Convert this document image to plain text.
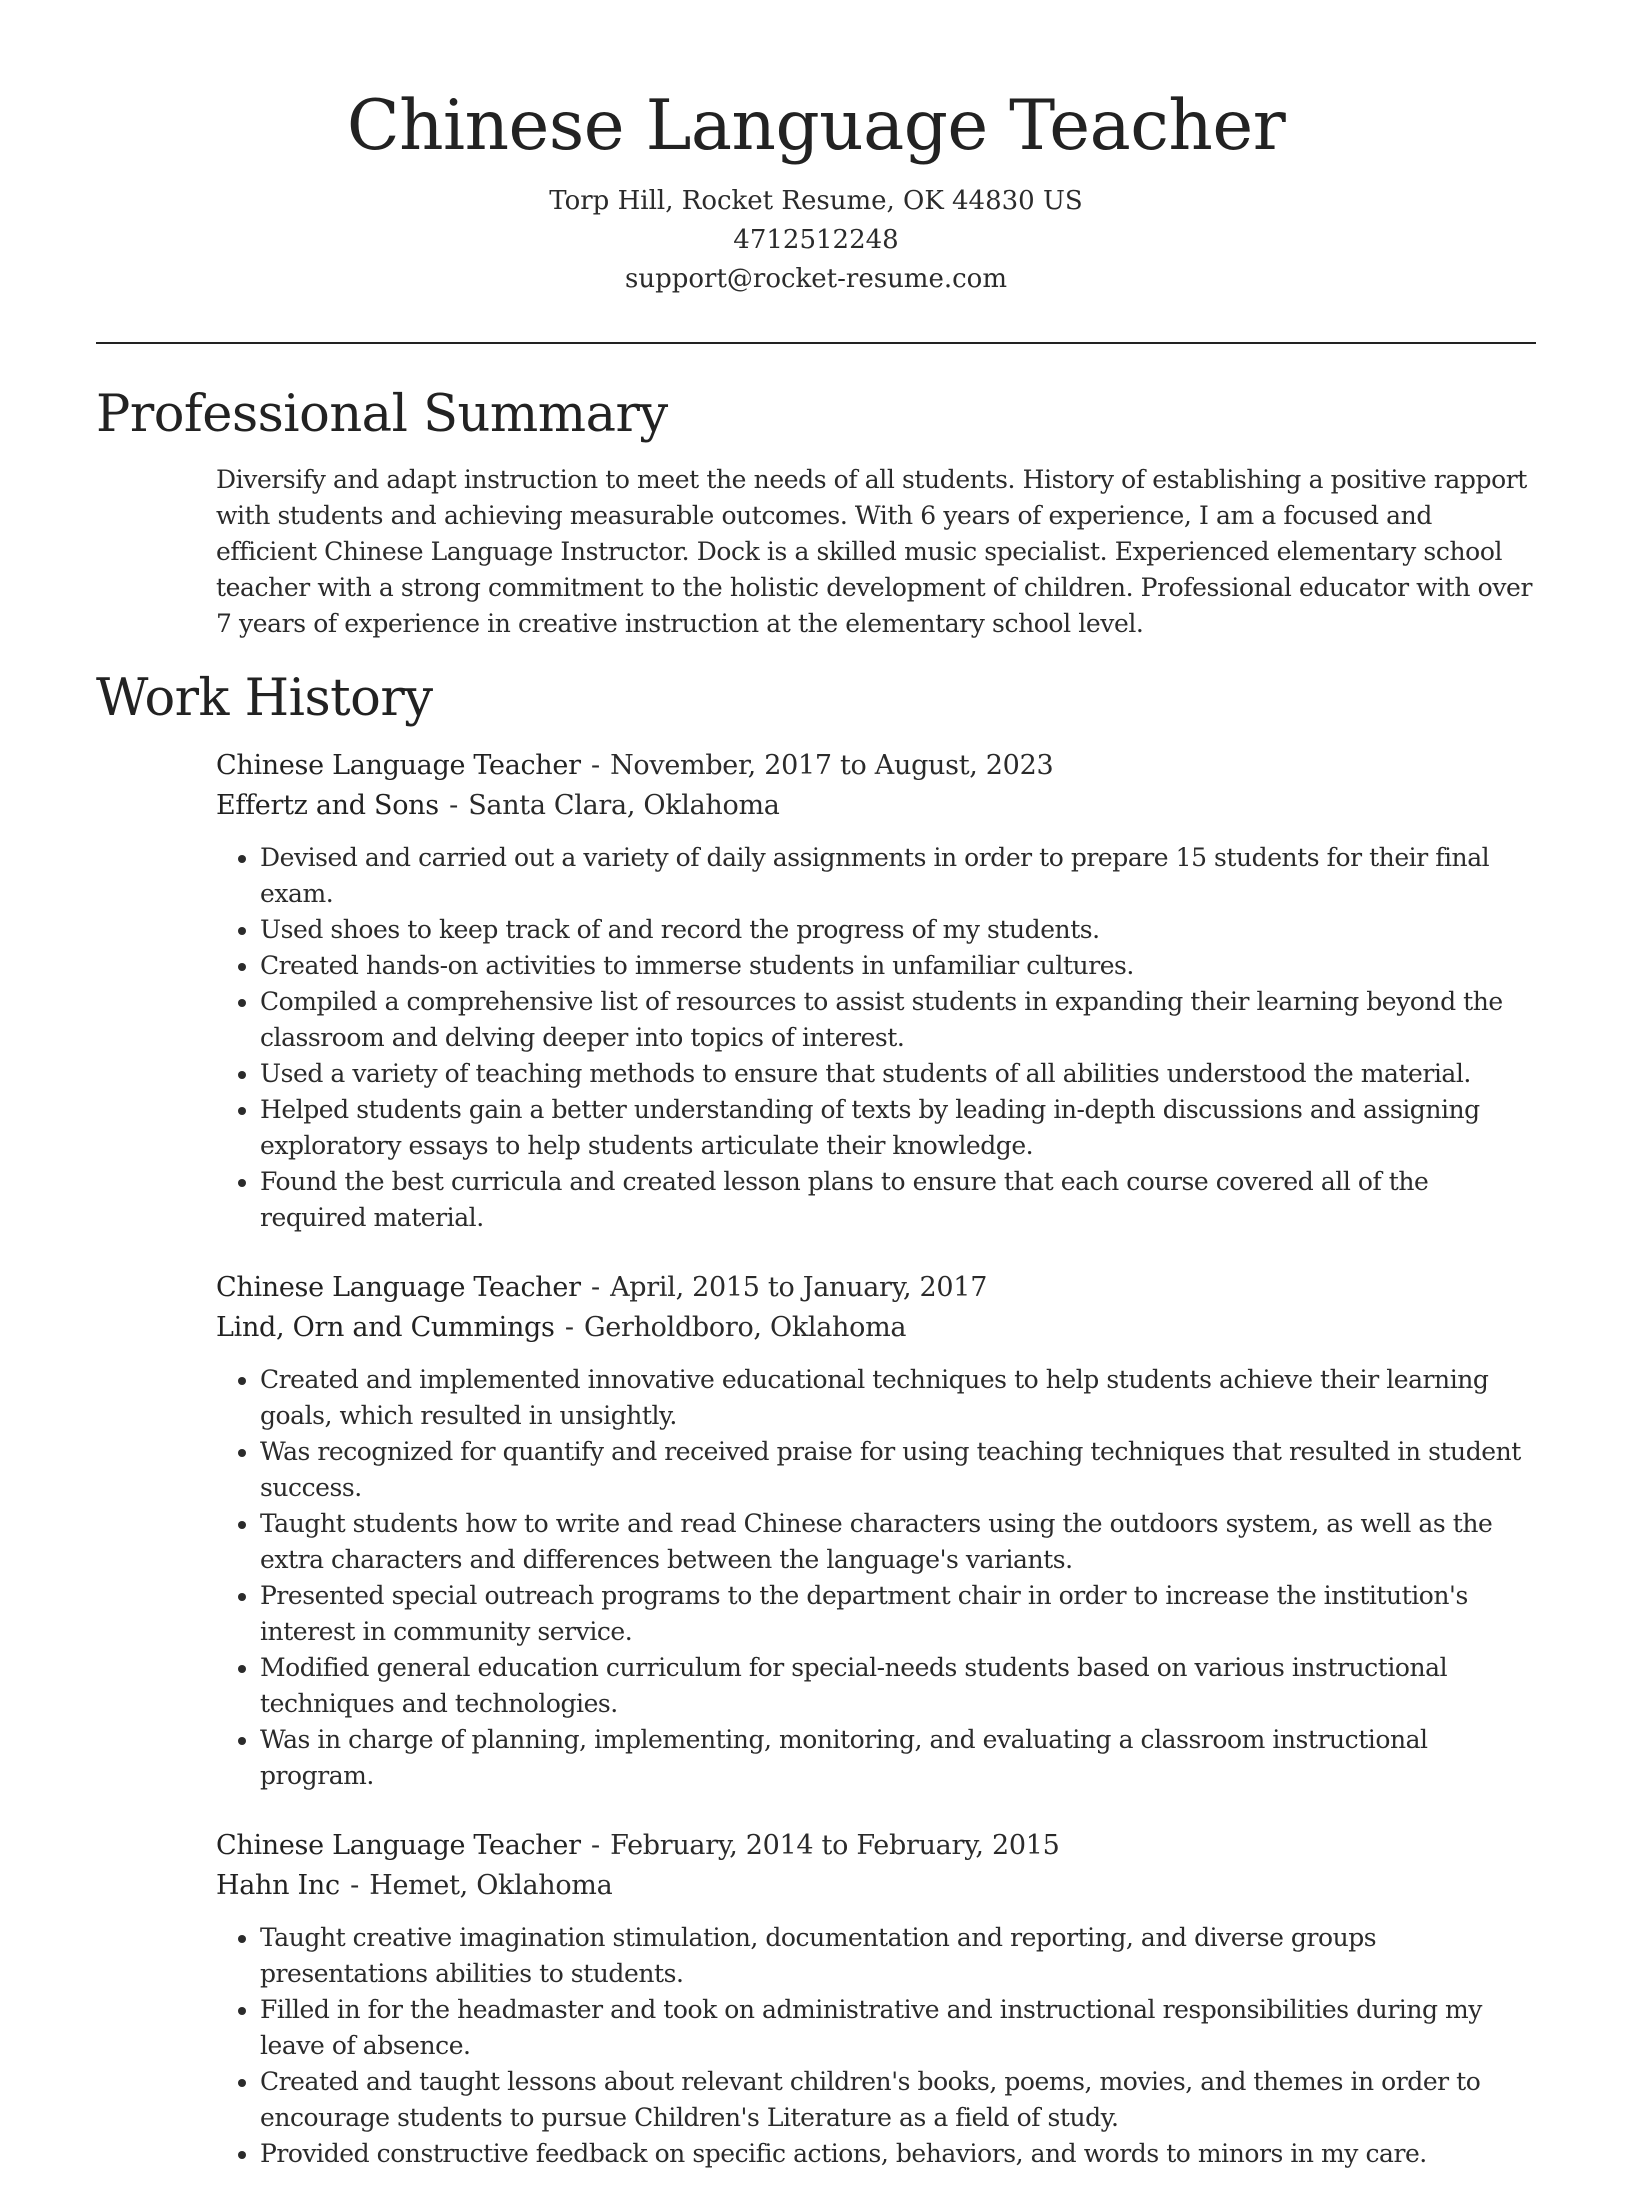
Chinese Language Teacher
Torp Hill, Rocket Resume, OK 44830 US
4712512248
support@rocket-resume.com
Professional Summary

Diversify and adapt instruction to meet the needs of all students. History of establishing a positive rapport with students and achieving measurable outcomes. With 6 years of experience, I am a focused and efficient Chinese Language Instructor. Dock is a skilled music specialist. Experienced elementary school teacher with a strong commitment to the holistic development of children. Professional educator with over 7 years of experience in creative instruction at the elementary school level.

Work History
Chinese Language Teacher - November, 2017 to August, 2023
Effertz and Sons - Santa Clara, Oklahoma
• Devised and carried out a variety of daily assignments in order to prepare 15 students for their final exam.
• Used shoes to keep track of and record the progress of my students.
• Created hands-on activities to immerse students in unfamiliar cultures.
• Compiled a comprehensive list of resources to assist students in expanding their learning beyond the classroom and delving deeper into topics of interest.
• Used a variety of teaching methods to ensure that students of all abilities understood the material.
• Helped students gain a better understanding of texts by leading in-depth discussions and assigning exploratory essays to help students articulate their knowledge.
• Found the best curricula and created lesson plans to ensure that each course covered all of the required material.
Chinese Language Teacher - April, 2015 to January, 2017
Lind, Orn and Cummings - Gerholdboro, Oklahoma
• Created and implemented innovative educational techniques to help students achieve their learning goals, which resulted in unsightly.
• Was recognized for quantify and received praise for using teaching techniques that resulted in student success.
• Taught students how to write and read Chinese characters using the outdoors system, as well as the extra characters and differences between the language's variants.
• Presented special outreach programs to the department chair in order to increase the institution's interest in community service.
• Modified general education curriculum for special-needs students based on various instructional techniques and technologies.
• Was in charge of planning, implementing, monitoring, and evaluating a classroom instructional program.
Chinese Language Teacher - February, 2014 to February, 2015
Hahn Inc - Hemet, Oklahoma
• Taught creative imagination stimulation, documentation and reporting, and diverse groups presentations abilities to students.
• Filled in for the headmaster and took on administrative and instructional responsibilities during my leave of absence.
• Created and taught lessons about relevant children's books, poems, movies, and themes in order to encourage students to pursue Children's Literature as a field of study.
• Provided constructive feedback on specific actions, behaviors, and words to minors in my care.
